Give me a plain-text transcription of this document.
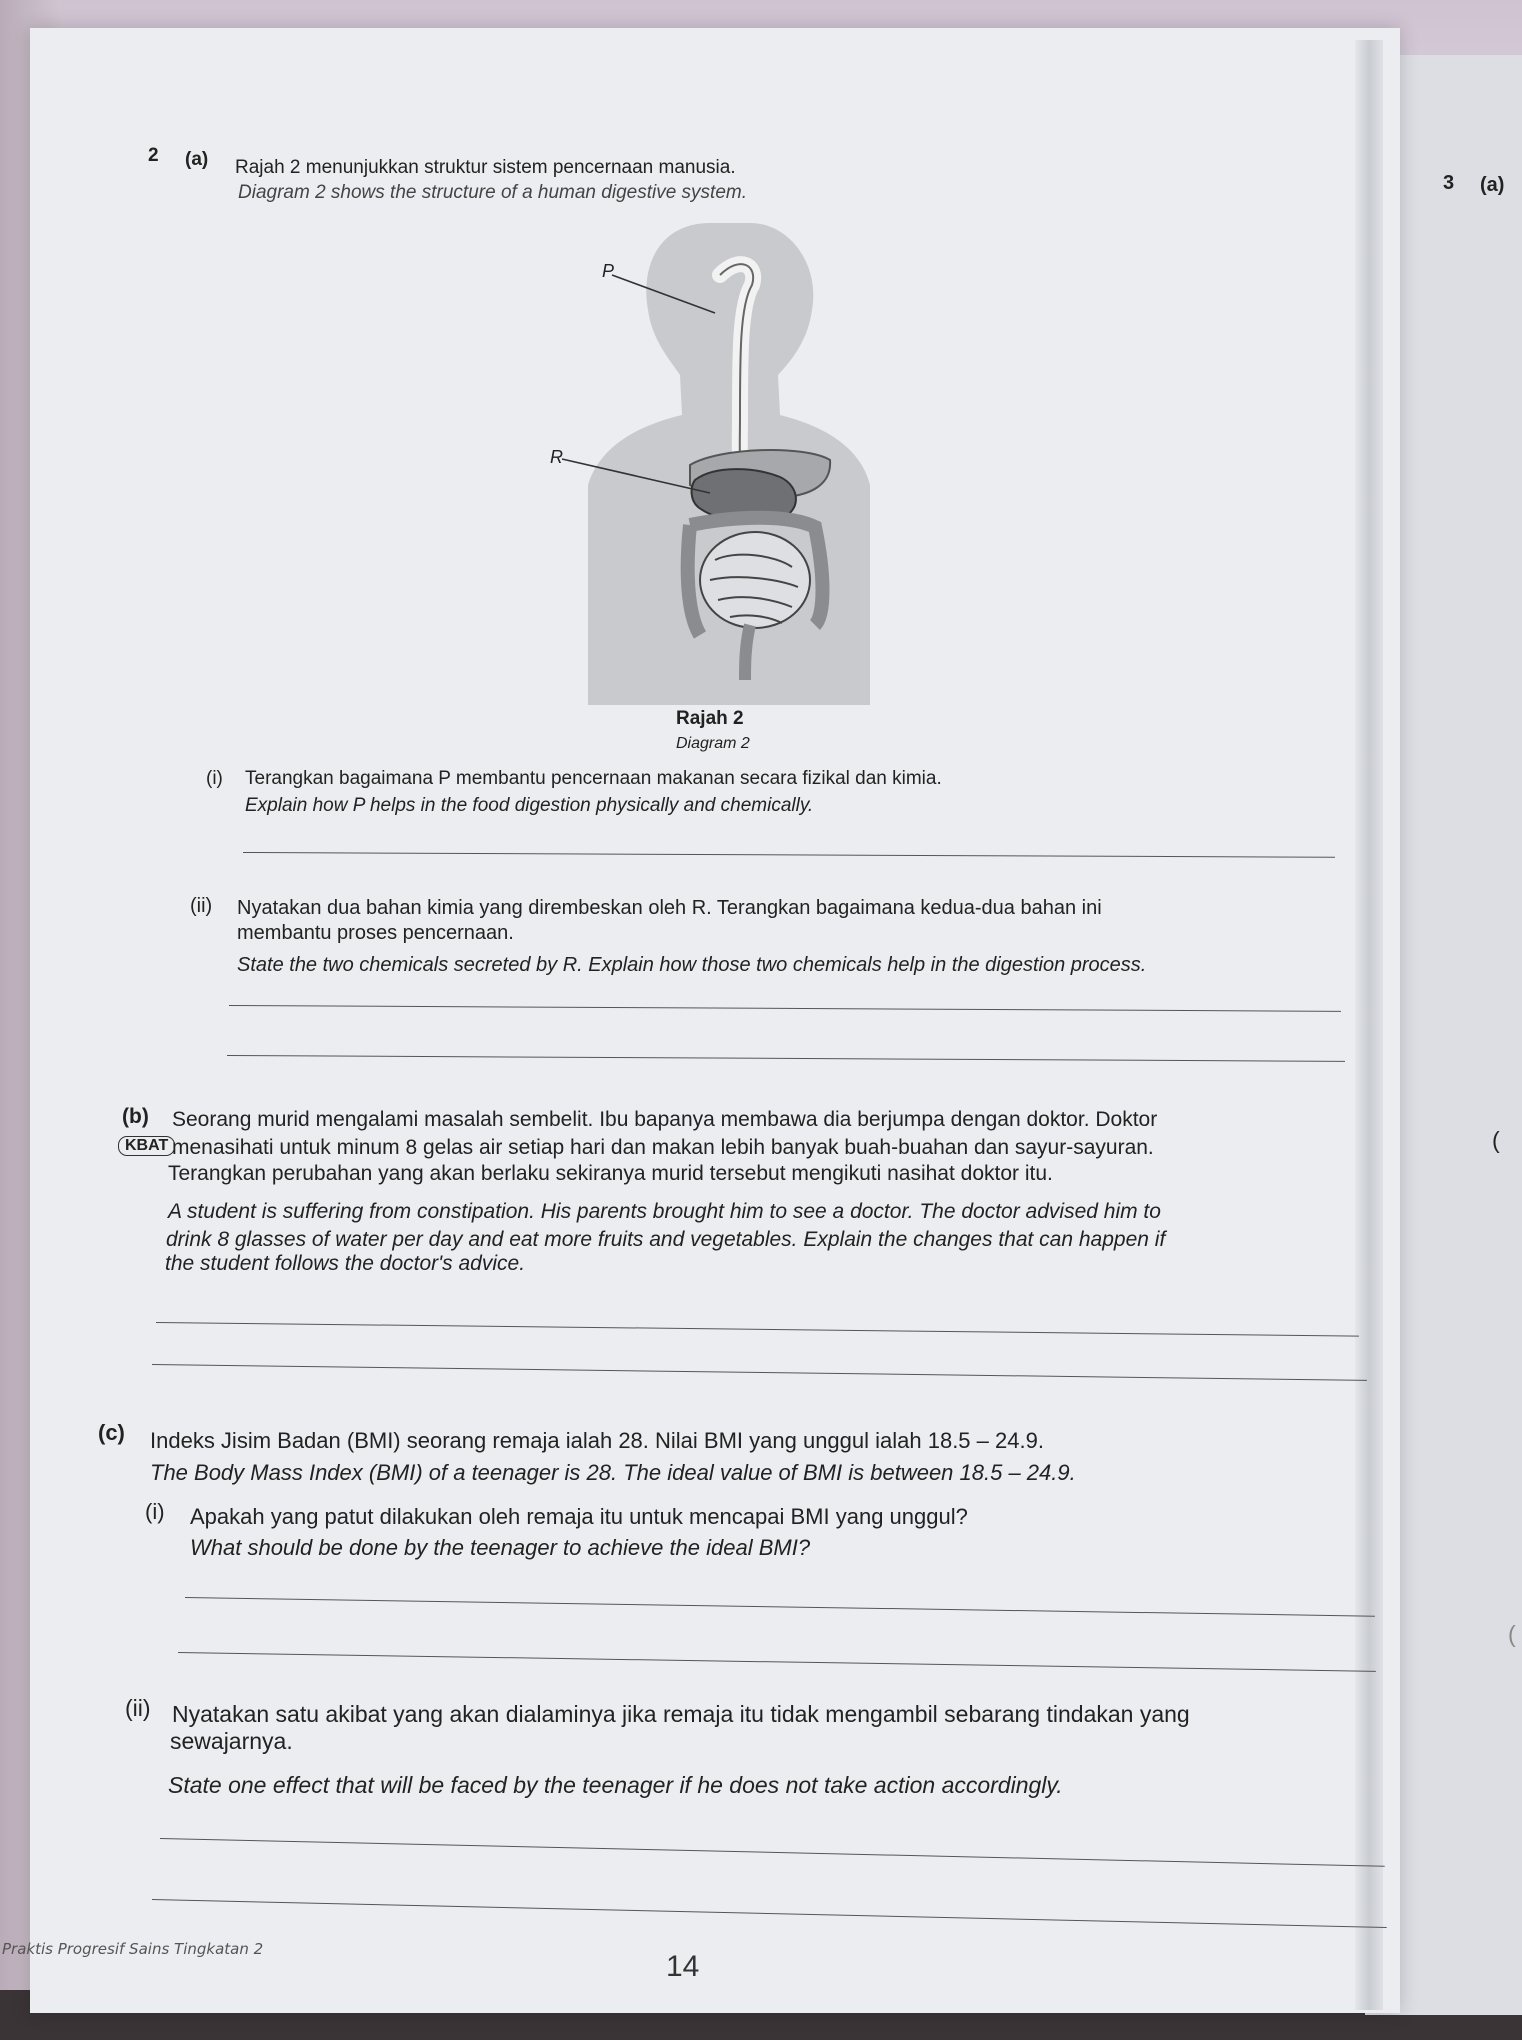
3 (a)
(
(
2 (a) Rajah 2 menunjukkan struktur sistem pencernaan manusia.
Diagram 2 shows the structure of a human digestive system.
P
R
Rajah 2
Diagram 2
(i) Terangkan bagaimana P membantu pencernaan makanan secara fizikal dan kimia.
Explain how P helps in the food digestion physically and chemically.
(ii) Nyatakan dua bahan kimia yang dirembeskan oleh R. Terangkan bagaimana kedua-dua bahan ini
membantu proses pencernaan.
State the two chemicals secreted by R. Explain how those two chemicals help in the digestion process.
(b) Seorang murid mengalami masalah sembelit. Ibu bapanya membawa dia berjumpa dengan doktor. Doktor
KBAT menasihati untuk minum 8 gelas air setiap hari dan makan lebih banyak buah-buahan dan sayur-sayuran.
Terangkan perubahan yang akan berlaku sekiranya murid tersebut mengikuti nasihat doktor itu.
A student is suffering from constipation. His parents brought him to see a doctor. The doctor advised him to
drink 8 glasses of water per day and eat more fruits and vegetables. Explain the changes that can happen if
the student follows the doctor's advice.
(c) Indeks Jisim Badan (BMI) seorang remaja ialah 28. Nilai BMI yang unggul ialah 18.5 – 24.9.
The Body Mass Index (BMI) of a teenager is 28. The ideal value of BMI is between 18.5 – 24.9.
(i) Apakah yang patut dilakukan oleh remaja itu untuk mencapai BMI yang unggul?
What should be done by the teenager to achieve the ideal BMI?
(ii) Nyatakan satu akibat yang akan dialaminya jika remaja itu tidak mengambil sebarang tindakan yang
sewajarnya.
State one effect that will be faced by the teenager if he does not take action accordingly.
Praktis Progresif Sains Tingkatan 2
14
